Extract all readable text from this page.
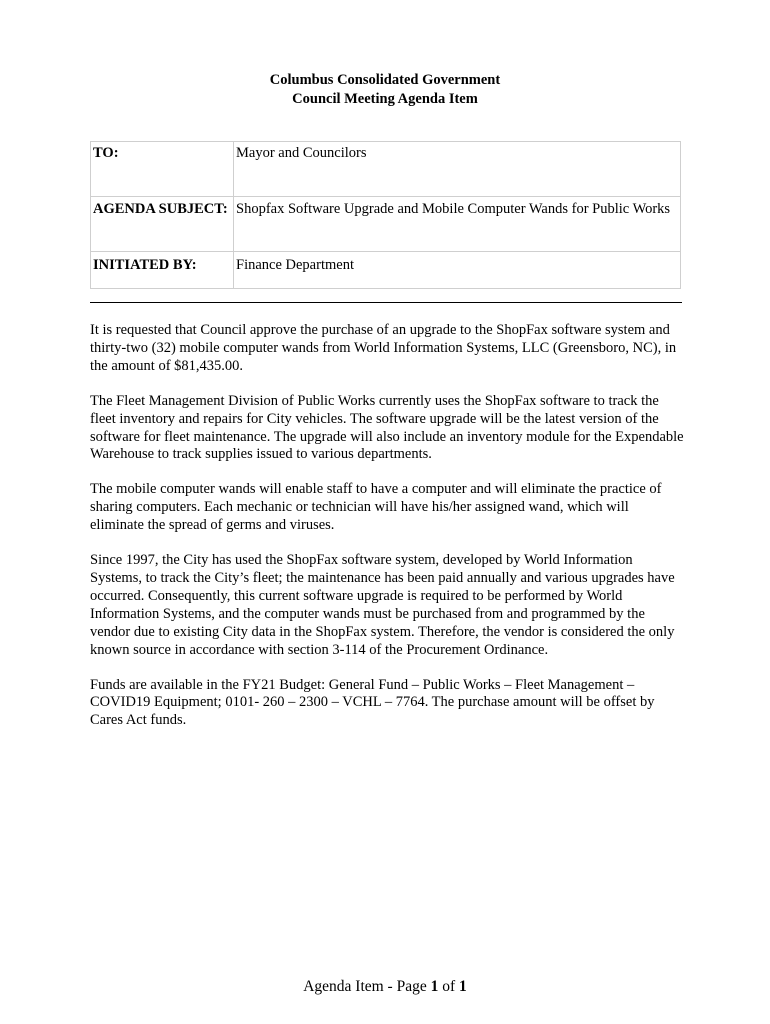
Columbus Consolidated Government
Council Meeting Agenda Item
TO:	Mayor and Councilors
AGENDA SUBJECT:	Shopfax Software Upgrade and Mobile Computer Wands for Public Works
INITIATED BY:	Finance Department

It is requested that Council approve the purchase of an upgrade to the ShopFax software system and thirty-two (32) mobile computer wands from World Information Systems, LLC (Greensboro, NC), in the amount of $81,435.00.

The Fleet Management Division of Public Works currently uses the ShopFax software to track the fleet inventory and repairs for City vehicles. The software upgrade will be the latest version of the software for fleet maintenance. The upgrade will also include an inventory module for the Expendable Warehouse to track supplies issued to various departments.

The mobile computer wands will enable staff to have a computer and will eliminate the practice of sharing computers. Each mechanic or technician will have his/her assigned wand, which will eliminate the spread of germs and viruses.

Since 1997, the City has used the ShopFax software system, developed by World Information Systems, to track the City’s fleet; the maintenance has been paid annually and various upgrades have occurred. Consequently, this current software upgrade is required to be performed by World Information Systems, and the computer wands must be purchased from and programmed by the vendor due to existing City data in the ShopFax system. Therefore, the vendor is considered the only known source in accordance with section 3-114 of the Procurement Ordinance.

Funds are available in the FY21 Budget: General Fund – Public Works – Fleet Management – COVID19 Equipment; 0101- 260 – 2300 – VCHL – 7764. The purchase amount will be offset by Cares Act funds.

Agenda Item - Page 1 of 1
